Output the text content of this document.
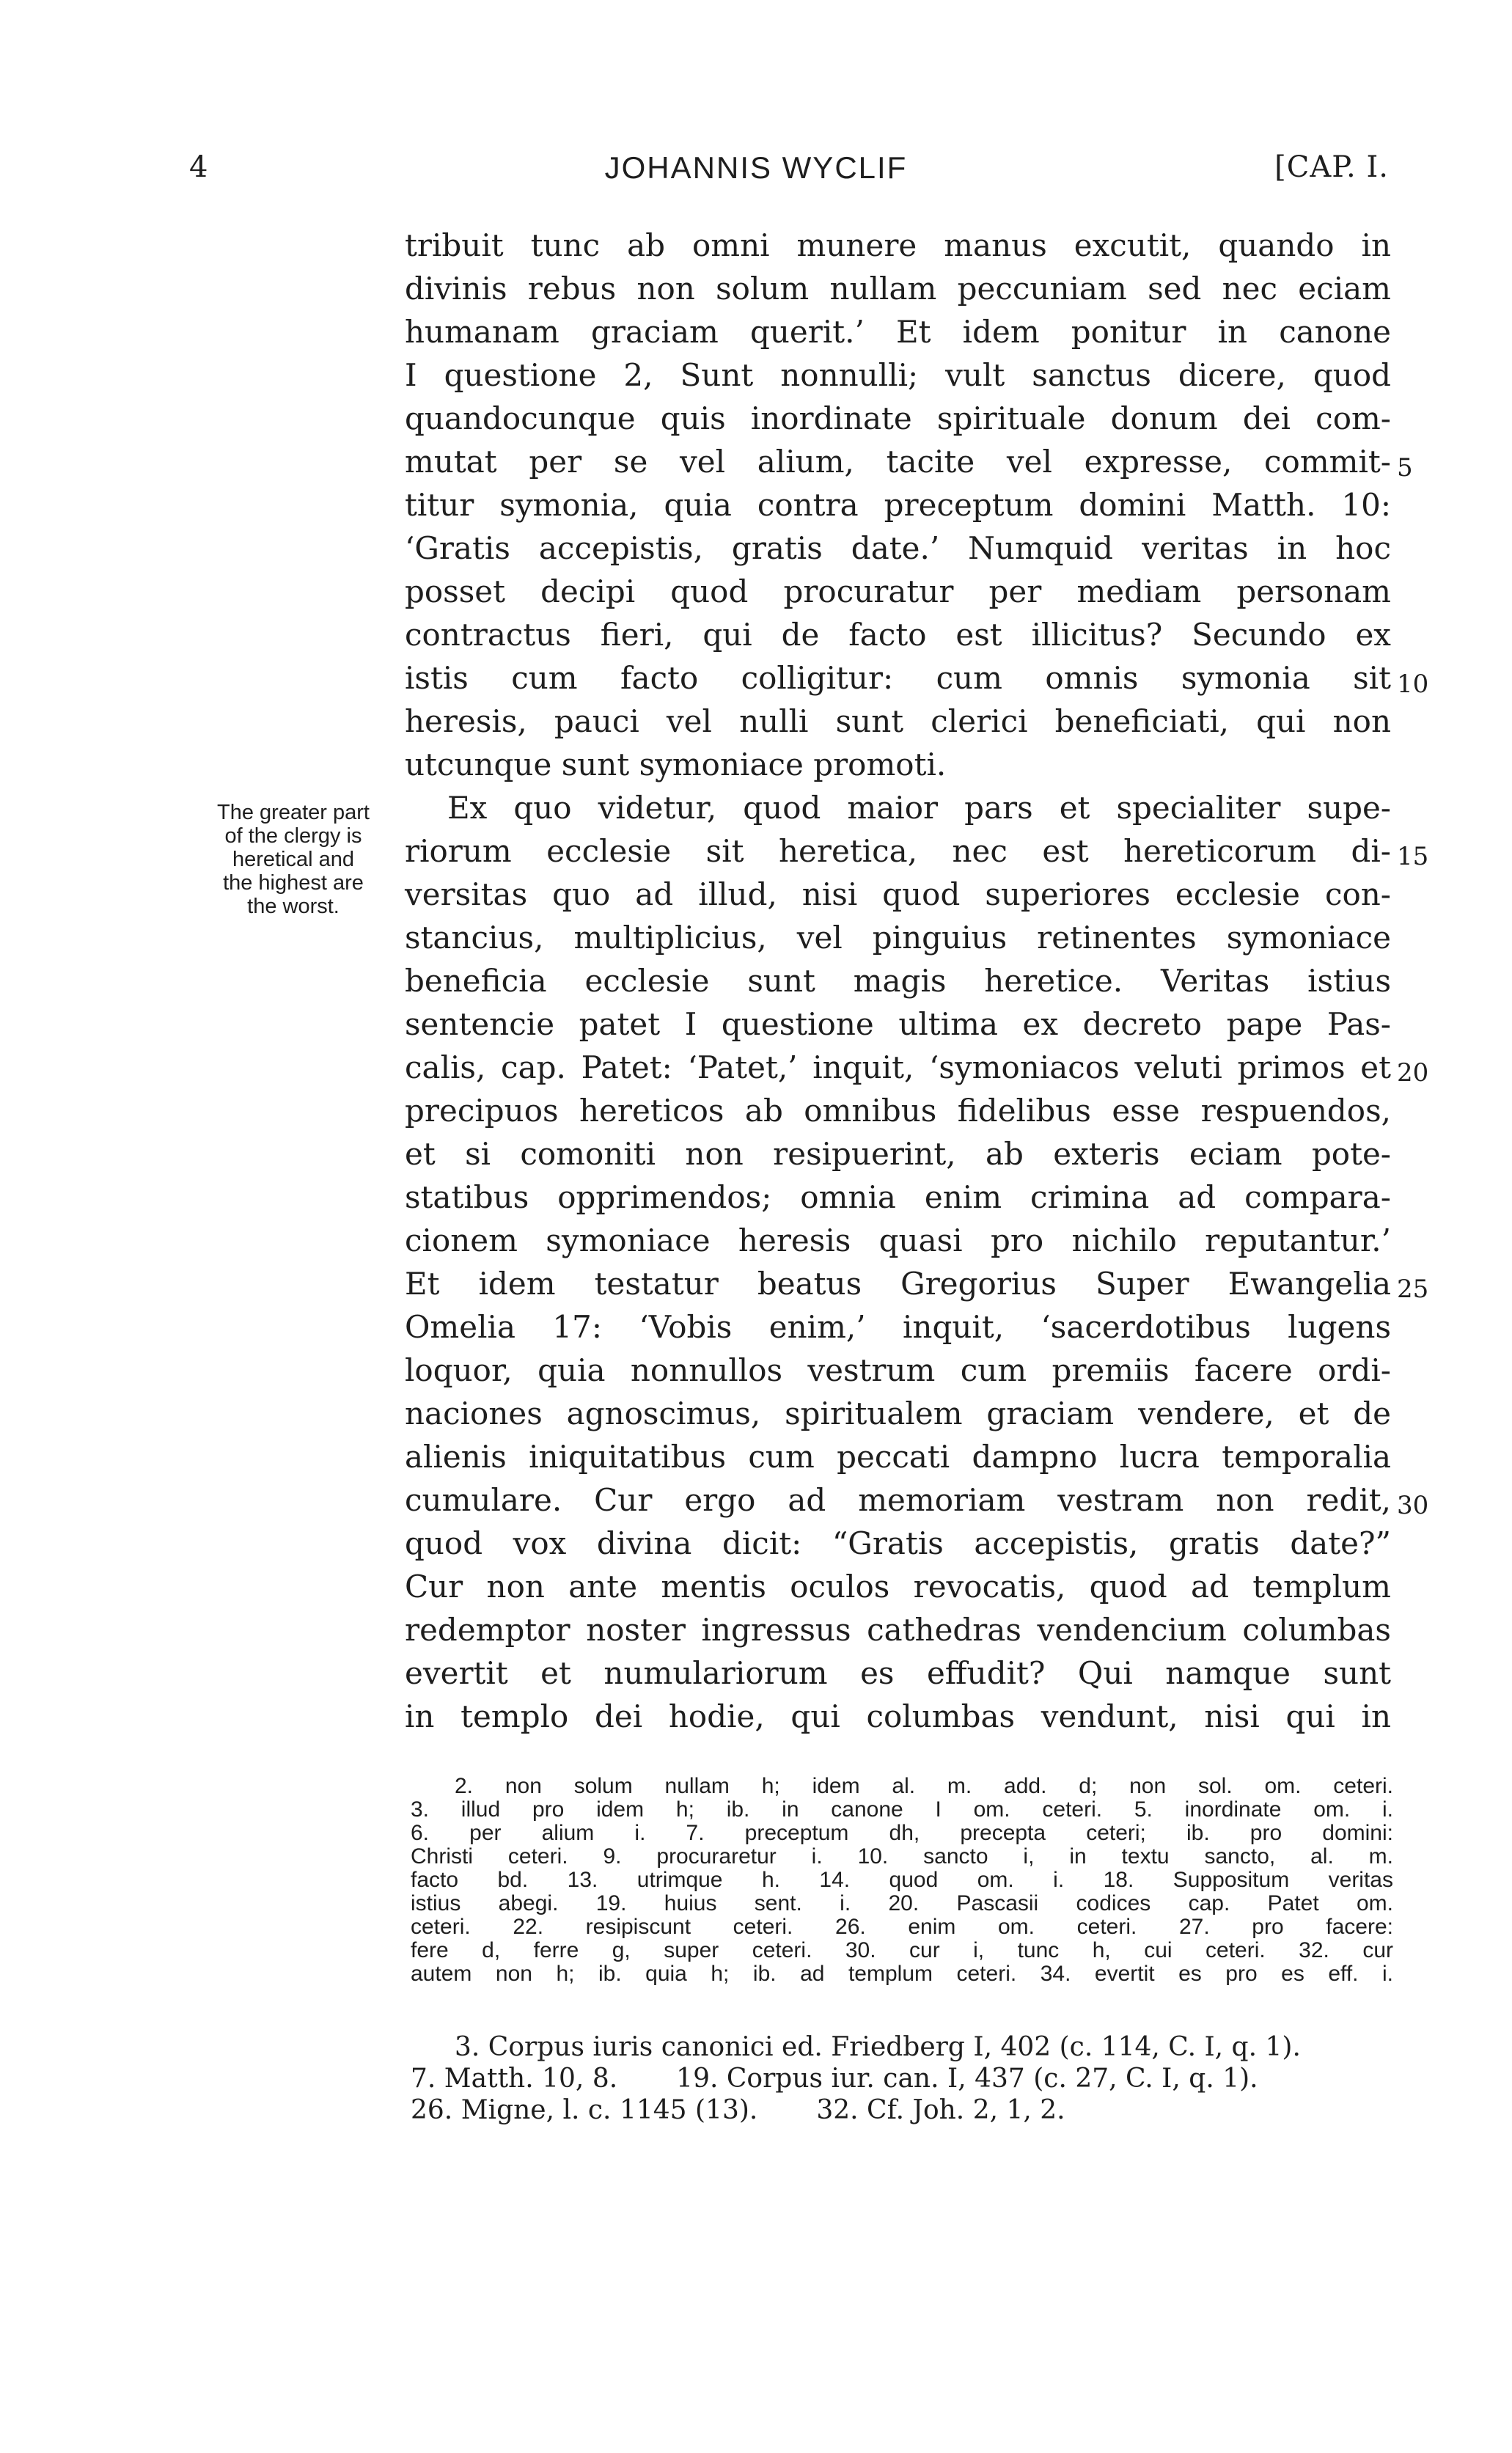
4	JOHANNIS WYCLIF	[CAP. I.
The greater part
of the clergy is
heretical and
the highest are
the worst.
tribuit tunc ab omni munere manus excutit, quando in
divinis rebus non solum nullam peccuniam sed nec eciam
humanam graciam querit.’ Et idem ponitur in canone
I questione 2, Sunt nonnulli; vult sanctus dicere, quod
quandocunque quis inordinate spirituale donum dei com-
mutat per se vel alium, tacite vel expresse, commit-
titur symonia, quia contra preceptum domini Matth. 10:
‘Gratis accepistis, gratis date.’ Numquid veritas in hoc
posset decipi quod procuratur per mediam personam
contractus fieri, qui de facto est illicitus? Secundo ex
istis cum facto colligitur: cum omnis symonia sit
heresis, pauci vel nulli sunt clerici beneficiati, qui non
utcunque sunt symoniace promoti.
Ex quo videtur, quod maior pars et specialiter supe-
riorum ecclesie sit heretica, nec est hereticorum di-
versitas quo ad illud, nisi quod superiores ecclesie con-
stancius, multiplicius, vel pinguius retinentes symoniace
beneficia ecclesie sunt magis heretice. Veritas istius
sentencie patet I questione ultima ex decreto pape Pas-
calis, cap. Patet: ‘Patet,’ inquit, ‘symoniacos veluti primos et
precipuos hereticos ab omnibus fidelibus esse respuendos,
et si comoniti non resipuerint, ab exteris eciam pote-
statibus opprimendos; omnia enim crimina ad compara-
cionem symoniace heresis quasi pro nichilo reputantur.’
Et idem testatur beatus Gregorius Super Ewangelia
Omelia 17: ‘Vobis enim,’ inquit, ‘sacerdotibus lugens
loquor, quia nonnullos vestrum cum premiis facere ordi-
naciones agnoscimus, spiritualem graciam vendere, et de
alienis iniquitatibus cum peccati dampno lucra temporalia
cumulare. Cur ergo ad memoriam vestram non redit,
quod vox divina dicit: “Gratis accepistis, gratis date?”
Cur non ante mentis oculos revocatis, quod ad templum
redemptor noster ingressus cathedras vendencium columbas
evertit et numulariorum es effudit? Qui namque sunt
in templo dei hodie, qui columbas vendunt, nisi qui in
5
10
15
20
25
30
2. non solum nullam h; idem al. m. add. d; non sol. om. ceteri.
3. illud pro idem h; ib. in canone I om. ceteri. 5. inordinate om. i.
6. per alium i. 7. preceptum dh, precepta ceteri; ib. pro domini:
Christi ceteri. 9. procuraretur i. 10. sancto i, in textu sancto, al. m.
facto bd. 13. utrimque h. 14. quod om. i. 18. Suppositum veritas
istius abegi. 19. huius sent. i. 20. Pascasii codices cap. Patet om.
ceteri. 22. resipiscunt ceteri. 26. enim om. ceteri. 27. pro facere:
fere d, ferre g, super ceteri. 30. cur i, tunc h, cui ceteri. 32. cur
autem non h; ib. quia h; ib. ad templum ceteri. 34. evertit es pro es eff. i.
3. Corpus iuris canonici ed. Friedberg I, 402 (c. 114, C. I, q. 1).
7. Matth. 10, 8. 19. Corpus iur. can. I, 437 (c. 27, C. I, q. 1).
26. Migne, l. c. 1145 (13). 32. Cf. Joh. 2, 1, 2.
